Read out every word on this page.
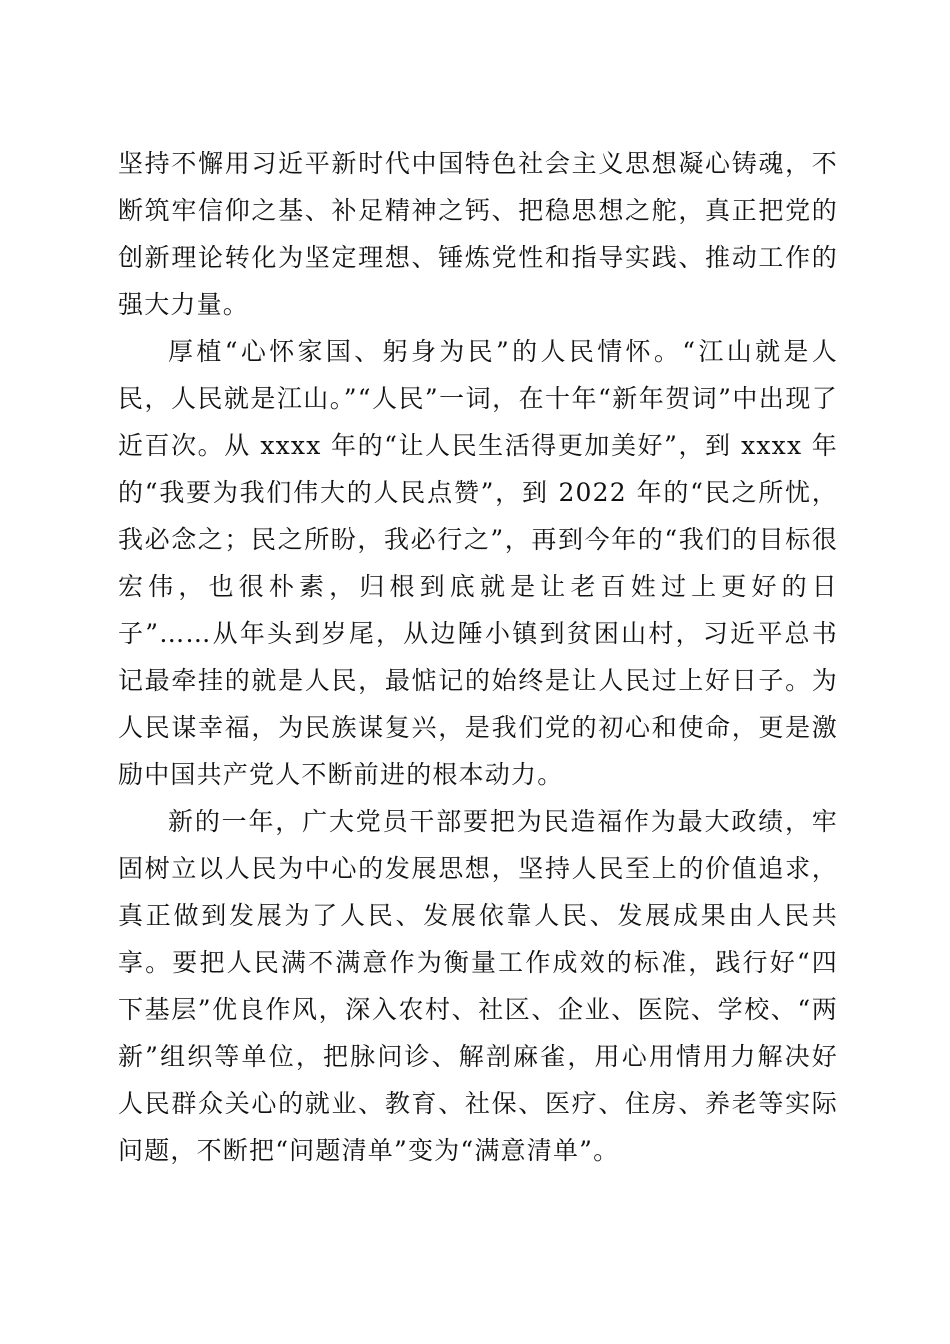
坚持不懈用习近平新时代中国特色社会主义思想凝心铸魂，不断筑牢信仰之基、补足精神之钙、把稳思想之舵，真正把党的创新理论转化为坚定理想、锤炼党性和指导实践、推动工作的强大力量。

厚植“心怀家国、躬身为民”的人民情怀。“江山就是人民，人民就是江山。”“人民”一词，在十年“新年贺词”中出现了近百次。从 xxxx 年的“让人民生活得更加美好”，到 xxxx 年的“我要为我们伟大的人民点赞”，到 2022 年的“民之所忧，我必念之；民之所盼，我必行之”，再到今年的“我们的目标很宏伟，也很朴素，归根到底就是让老百姓过上更好的日子”……从年头到岁尾，从边陲小镇到贫困山村，习近平总书记最牵挂的就是人民，最惦记的始终是让人民过上好日子。为人民谋幸福，为民族谋复兴，是我们党的初心和使命，更是激励中国共产党人不断前进的根本动力。

新的一年，广大党员干部要把为民造福作为最大政绩，牢固树立以人民为中心的发展思想，坚持人民至上的价值追求，真正做到发展为了人民、发展依靠人民、发展成果由人民共享。要把人民满不满意作为衡量工作成效的标准，践行好“四下基层”优良作风，深入农村、社区、企业、医院、学校、“两新”组织等单位，把脉问诊、解剖麻雀，用心用情用力解决好人民群众关心的就业、教育、社保、医疗、住房、养老等实际问题，不断把“问题清单”变为“满意清单”。
